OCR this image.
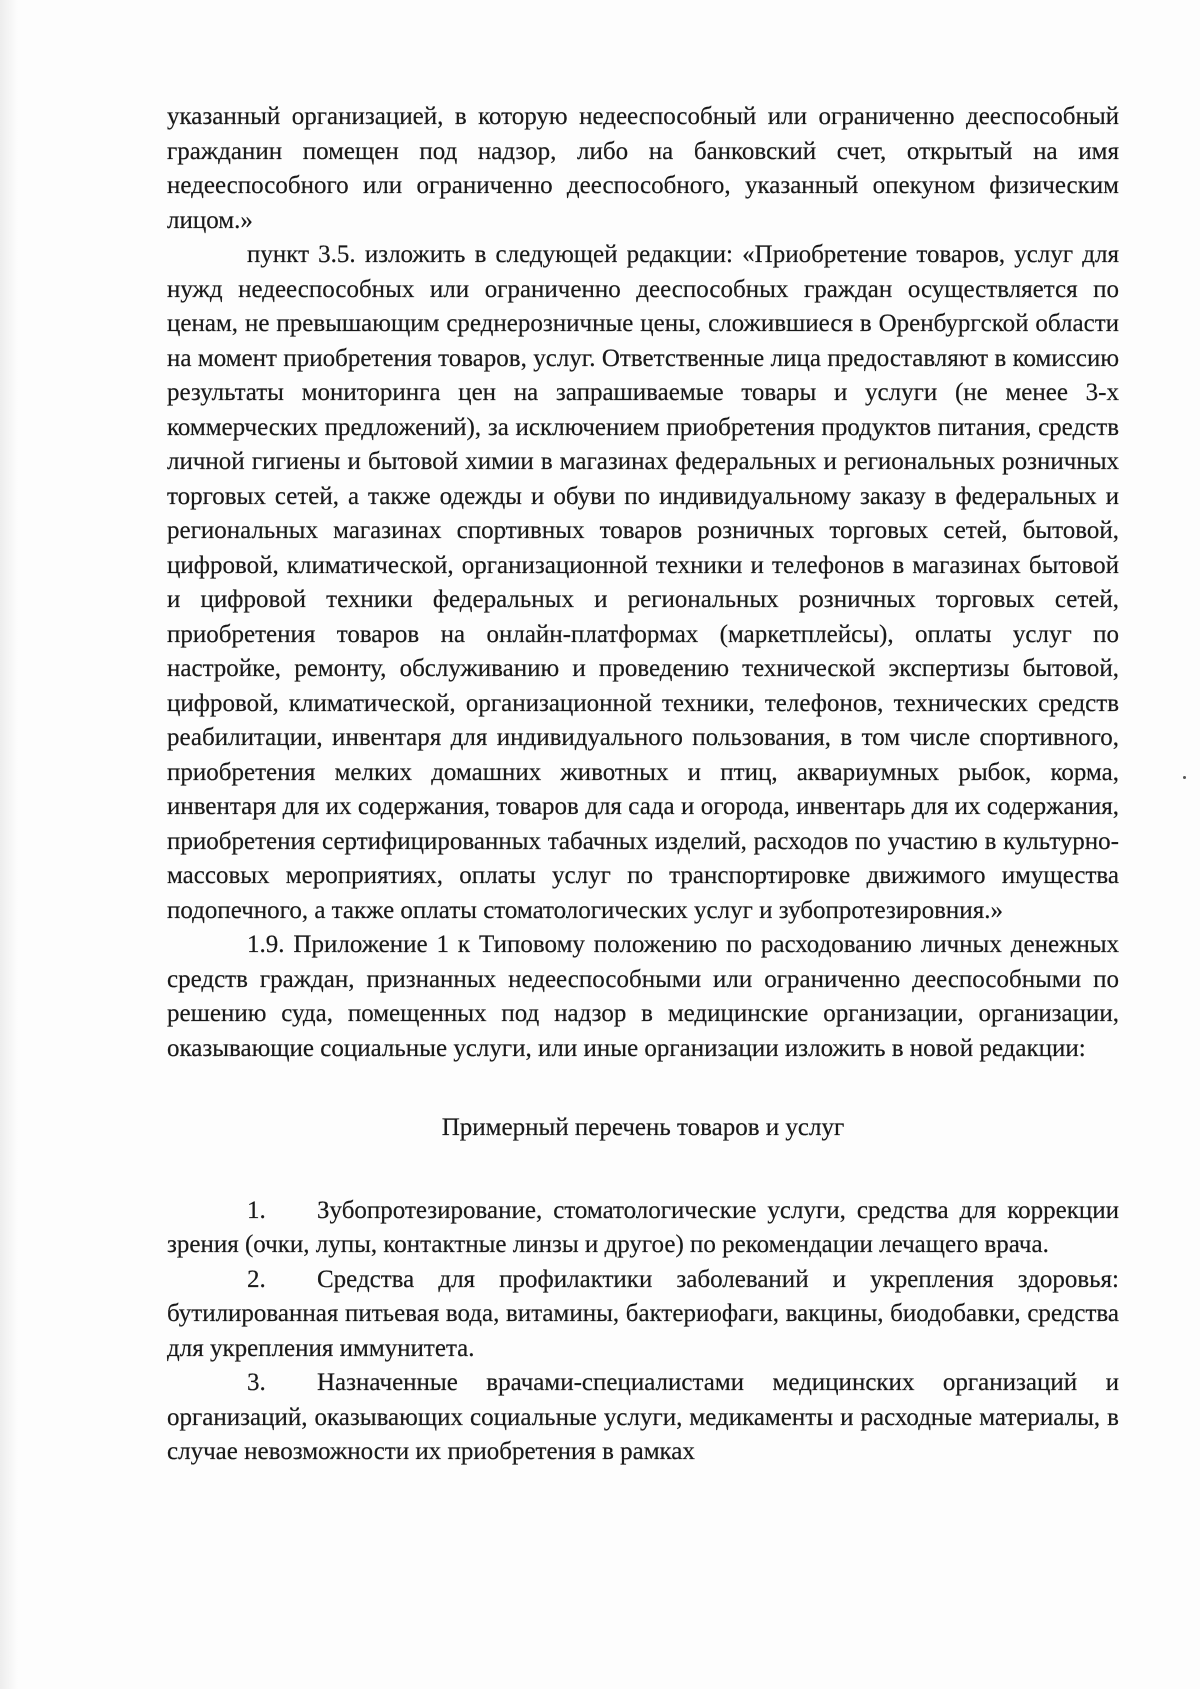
указанный организацией, в которую недееспособный или ограниченно дееспособный гражданин помещен под надзор, либо на банковский счет, открытый на имя недееспособного или ограниченно дееспособного, указанный опекуном физическим лицом.»

пункт 3.5. изложить в следующей редакции: «Приобретение товаров, услуг для нужд недееспособных или ограниченно дееспособных граждан осуществляется по ценам, не превышающим среднерозничные цены, сложившиеся в Оренбургской области на момент приобретения товаров, услуг. Ответственные лица предоставляют в комиссию результаты мониторинга цен на запрашиваемые товары и услуги (не менее 3-х коммерческих предложений), за исключением приобретения продуктов питания, средств личной гигиены и бытовой химии в магазинах федеральных и региональных розничных торговых сетей, а также одежды и обуви по индивидуальному заказу в федеральных и региональных магазинах спортивных товаров розничных торговых сетей, бытовой, цифровой, климатической, организационной техники и телефонов в магазинах бытовой и цифровой техники федеральных и региональных розничных торговых сетей, приобретения товаров на онлайн-платформах (маркетплейсы), оплаты услуг по настройке, ремонту, обслуживанию и проведению технической экспертизы бытовой, цифровой, климатической, организационной техники, телефонов, технических средств реабилитации, инвентаря для индивидуального пользования, в том числе спортивного, приобретения мелких домашних животных и птиц, аквариумных рыбок, корма, инвентаря для их содержания, товаров для сада и огорода, инвентарь для их содержания, приобретения сертифицированных табачных изделий, расходов по участию в культурно-массовых мероприятиях, оплаты услуг по транспортировке движимого имущества подопечного, а также оплаты стоматологических услуг и зубопротезировния.»

1.9. Приложение 1 к Типовому положению по расходованию личных денежных средств граждан, признанных недееспособными или ограниченно дееспособными по решению суда, помещенных под надзор в медицинские организации, организации, оказывающие социальные услуги, или иные организации изложить в новой редакции:

Примерный перечень товаров и услуг

1. Зубопротезирование, стоматологические услуги, средства для коррекции зрения (очки, лупы, контактные линзы и другое) по рекомендации лечащего врача.

2. Средства для профилактики заболеваний и укрепления здоровья: бутилированная питьевая вода, витамины, бактериофаги, вакцины, биодобавки, средства для укрепления иммунитета.

3. Назначенные врачами-специалистами медицинских организаций и организаций, оказывающих социальные услуги, медикаменты и расходные материалы, в случае невозможности их приобретения в рамках
